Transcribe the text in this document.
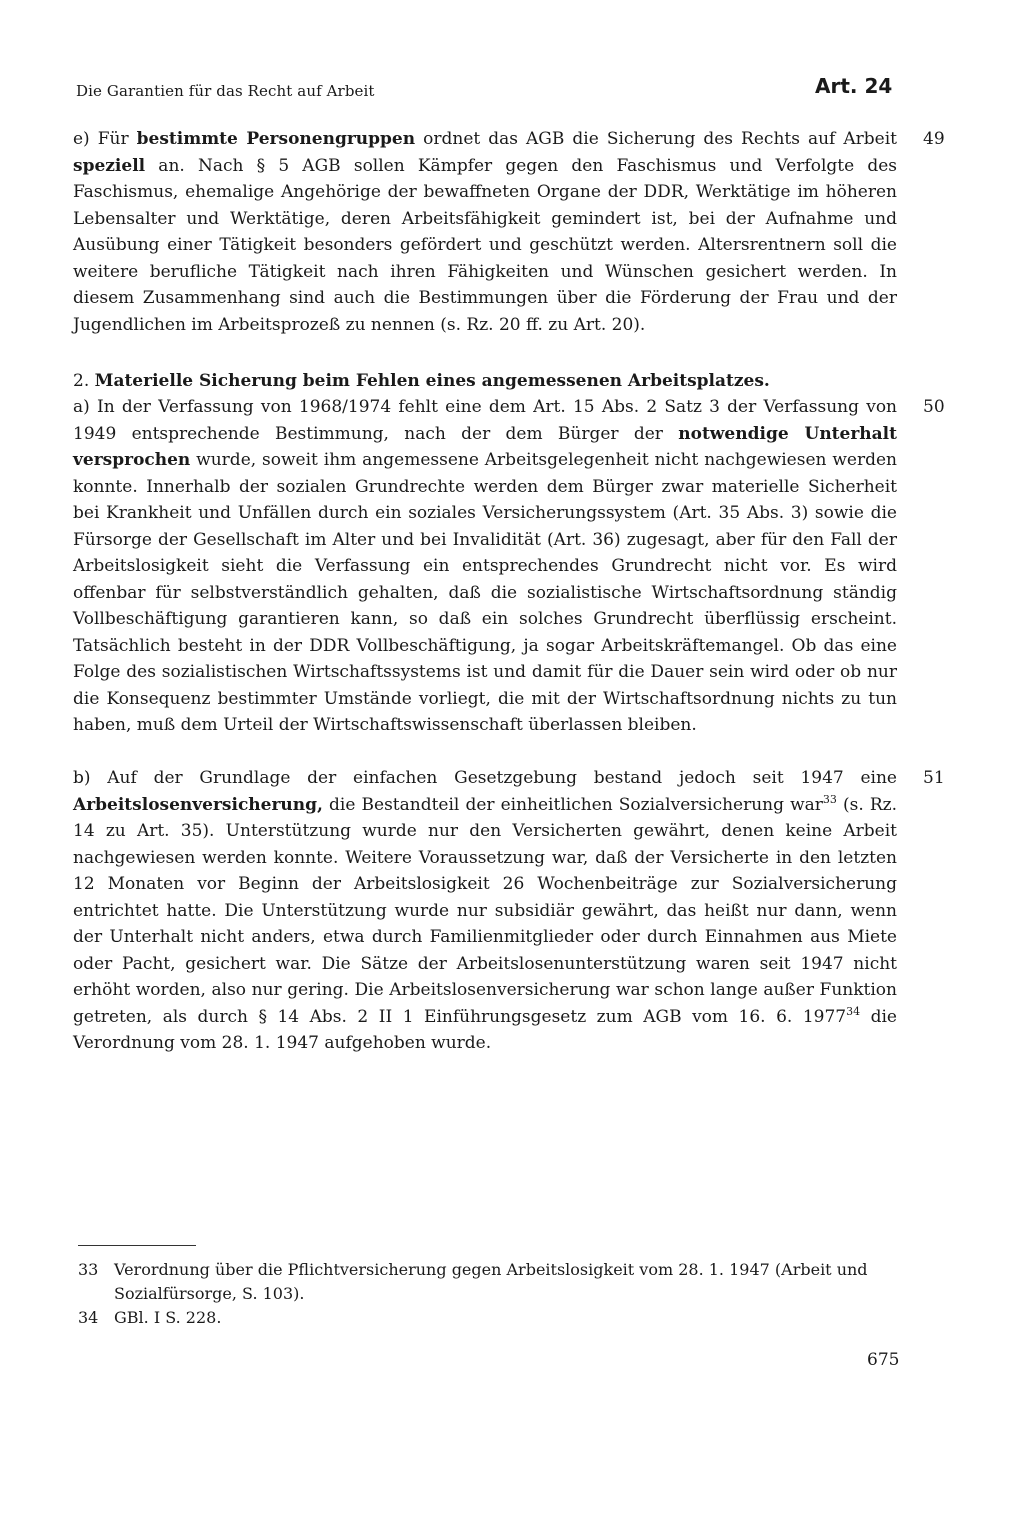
Die Garantien für das Recht auf Arbeit	Art. 24
49

e) Für bestimmte Personengruppen ordnet das AGB die Sicherung des Rechts auf Arbeit speziell an. Nach § 5 AGB sollen Kämpfer gegen den Faschismus und Verfolgte des Faschismus, ehemalige Angehörige der bewaffneten Organe der DDR, Werktätige im höheren Lebensalter und Werktätige, deren Arbeitsfähigkeit gemindert ist, bei der Aufnahme und Ausübung einer Tätigkeit besonders gefördert und geschützt werden. Altersrentnern soll die weitere berufliche Tätigkeit nach ihren Fähigkeiten und Wünschen gesichert werden. In diesem Zusammenhang sind auch die Bestimmungen über die Förderung der Frau und der Jugendlichen im Arbeitsprozeß zu nennen (s. Rz. 20 ff. zu Art. 20).

2. Materielle Sicherung beim Fehlen eines angemessenen Arbeitsplatzes.
50

a) In der Verfassung von 1968/1974 fehlt eine dem Art. 15 Abs. 2 Satz 3 der Verfassung von 1949 entsprechende Bestimmung, nach der dem Bürger der notwendige Unterhalt versprochen wurde, soweit ihm angemessene Arbeitsgelegenheit nicht nachgewiesen werden konnte. Innerhalb der sozialen Grundrechte werden dem Bürger zwar materielle Sicherheit bei Krankheit und Unfällen durch ein soziales Versicherungssystem (Art. 35 Abs. 3) sowie die Fürsorge der Gesellschaft im Alter und bei Invalidität (Art. 36) zugesagt, aber für den Fall der Arbeitslosigkeit sieht die Verfassung ein entsprechendes Grundrecht nicht vor. Es wird offenbar für selbstverständlich gehalten, daß die sozialistische Wirtschaftsordnung ständig Vollbeschäftigung garantieren kann, so daß ein solches Grundrecht überflüssig erscheint. Tatsächlich besteht in der DDR Vollbeschäftigung, ja sogar Arbeitskräftemangel. Ob das eine Folge des sozialistischen Wirtschaftssystems ist und damit für die Dauer sein wird oder ob nur die Konsequenz bestimmter Umstände vorliegt, die mit der Wirtschaftsordnung nichts zu tun haben, muß dem Urteil der Wirtschaftswissenschaft überlassen bleiben.

51

b) Auf der Grundlage der einfachen Gesetzgebung bestand jedoch seit 1947 eine Arbeitslosenversicherung, die Bestandteil der einheitlichen Sozialversicherung war$^{33}$ (s. Rz. 14 zu Art. 35). Unterstützung wurde nur den Versicherten gewährt, denen keine Arbeit nachgewiesen werden konnte. Weitere Voraussetzung war, daß der Versicherte in den letzten 12 Monaten vor Beginn der Arbeitslosigkeit 26 Wochenbeiträge zur Sozialversicherung entrichtet hatte. Die Unterstützung wurde nur subsidiär gewährt, das heißt nur dann, wenn der Unterhalt nicht anders, etwa durch Familienmitglieder oder durch Einnahmen aus Miete oder Pacht, gesichert war. Die Sätze der Arbeitslosenunterstützung waren seit 1947 nicht erhöht worden, also nur gering. Die Arbeitslosenversicherung war schon lange außer Funktion getreten, als durch § 14 Abs. 2 II 1 Einführungsgesetz zum AGB vom 16. 6. 1977$^{34}$ die Verordnung vom 28. 1. 1947 aufgehoben wurde.

33 Verordnung über die Pflichtversicherung gegen Arbeitslosigkeit vom 28. 1. 1947 (Arbeit und Sozialfürsorge, S. 103).

34 GBl. I S. 228.

675
